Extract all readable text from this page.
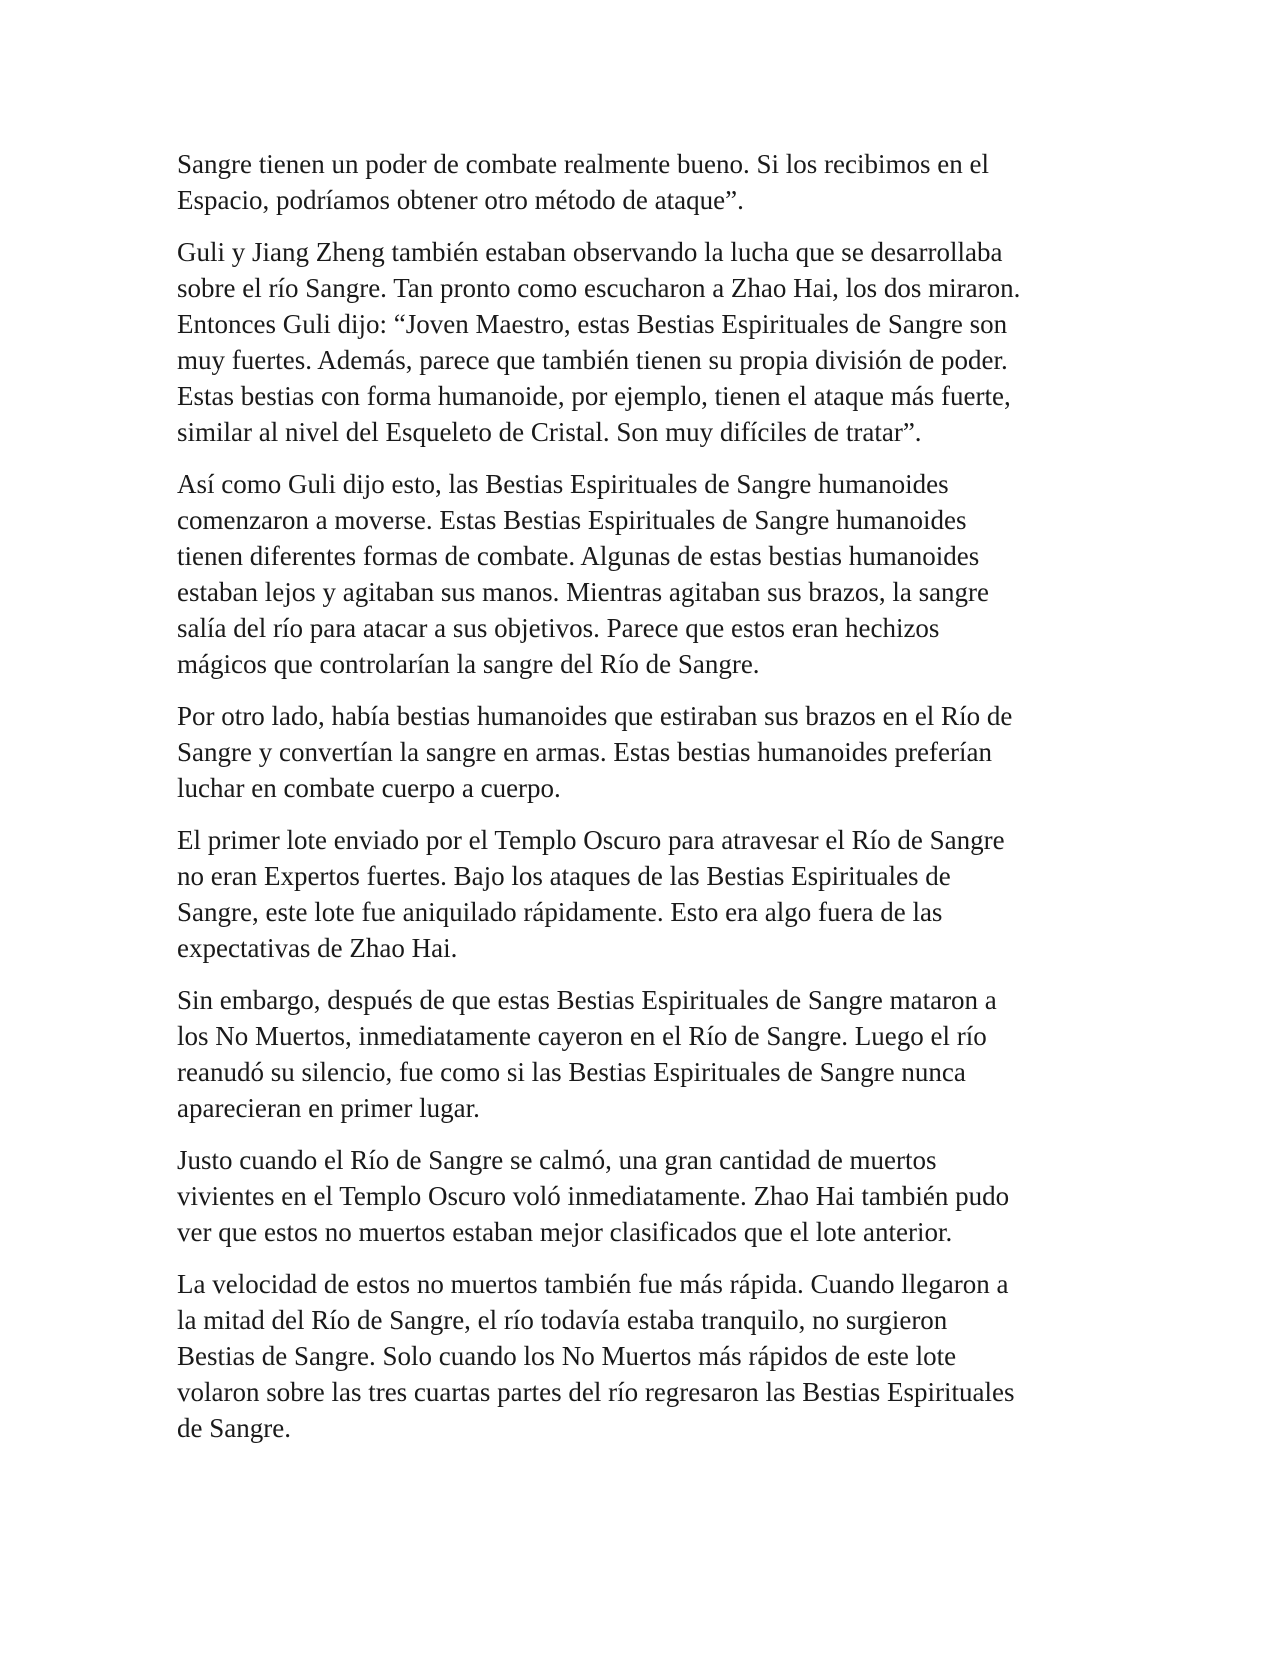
Sangre tienen un poder de combate realmente bueno. Si los recibimos en el
Espacio, podríamos obtener otro método de ataque”.

Guli y Jiang Zheng también estaban observando la lucha que se desarrollaba
sobre el río Sangre. Tan pronto como escucharon a Zhao Hai, los dos miraron.
Entonces Guli dijo: “Joven Maestro, estas Bestias Espirituales de Sangre son
muy fuertes. Además, parece que también tienen su propia división de poder.
Estas bestias con forma humanoide, por ejemplo, tienen el ataque más fuerte,
similar al nivel del Esqueleto de Cristal. Son muy difíciles de tratar”.

Así como Guli dijo esto, las Bestias Espirituales de Sangre humanoides
comenzaron a moverse. Estas Bestias Espirituales de Sangre humanoides
tienen diferentes formas de combate. Algunas de estas bestias humanoides
estaban lejos y agitaban sus manos. Mientras agitaban sus brazos, la sangre
salía del río para atacar a sus objetivos. Parece que estos eran hechizos
mágicos que controlarían la sangre del Río de Sangre.

Por otro lado, había bestias humanoides que estiraban sus brazos en el Río de
Sangre y convertían la sangre en armas. Estas bestias humanoides preferían
luchar en combate cuerpo a cuerpo.

El primer lote enviado por el Templo Oscuro para atravesar el Río de Sangre
no eran Expertos fuertes. Bajo los ataques de las Bestias Espirituales de
Sangre, este lote fue aniquilado rápidamente. Esto era algo fuera de las
expectativas de Zhao Hai.

Sin embargo, después de que estas Bestias Espirituales de Sangre mataron a
los No Muertos, inmediatamente cayeron en el Río de Sangre. Luego el río
reanudó su silencio, fue como si las Bestias Espirituales de Sangre nunca
aparecieran en primer lugar.

Justo cuando el Río de Sangre se calmó, una gran cantidad de muertos
vivientes en el Templo Oscuro voló inmediatamente. Zhao Hai también pudo
ver que estos no muertos estaban mejor clasificados que el lote anterior.

La velocidad de estos no muertos también fue más rápida. Cuando llegaron a
la mitad del Río de Sangre, el río todavía estaba tranquilo, no surgieron
Bestias de Sangre. Solo cuando los No Muertos más rápidos de este lote
volaron sobre las tres cuartas partes del río regresaron las Bestias Espirituales
de Sangre.
